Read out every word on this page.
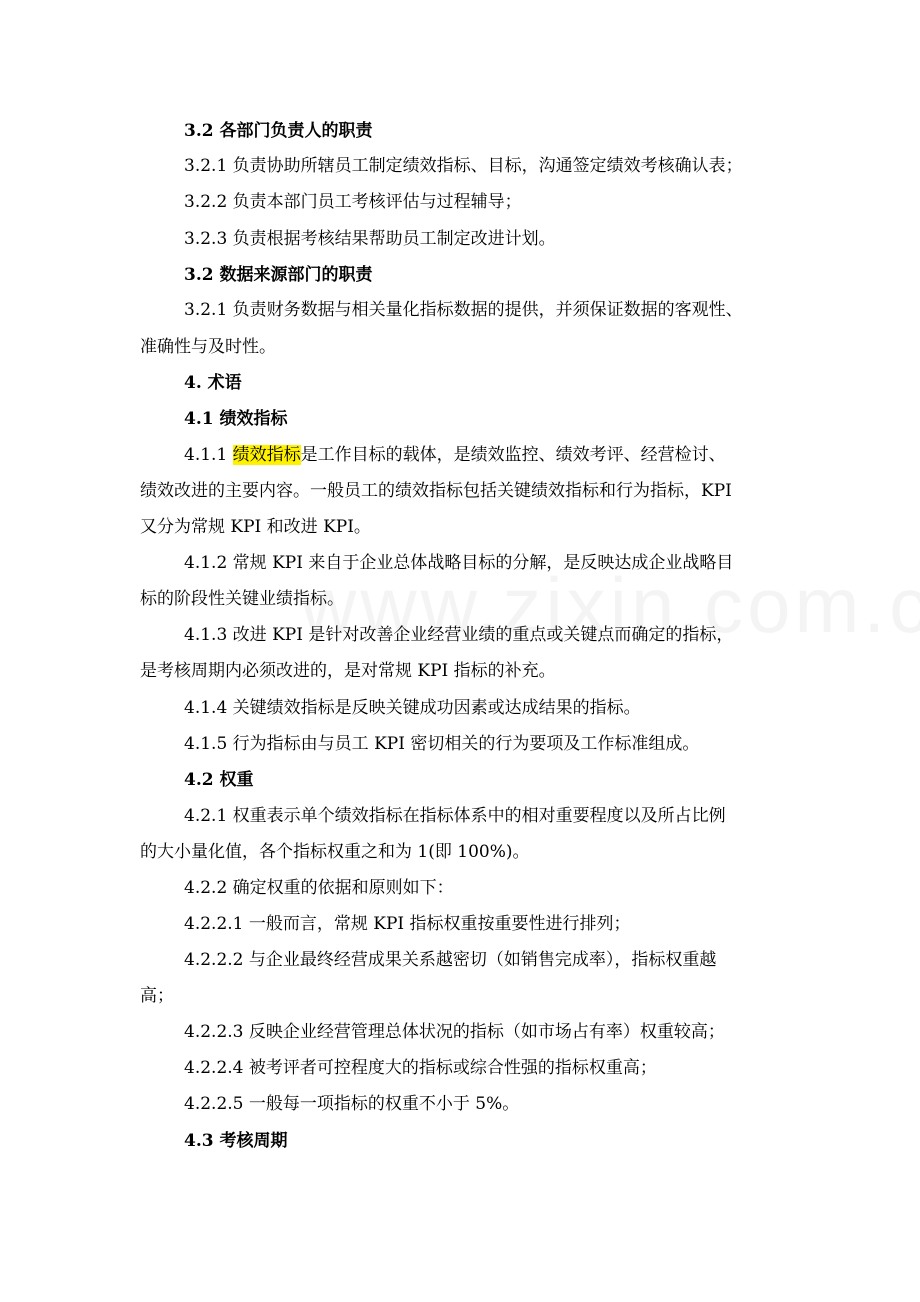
3.2 各部门负责人的职责
3.2.1 负责协助所辖员工制定绩效指标、目标，沟通签定绩效考核确认表；
3.2.2 负责本部门员工考核评估与过程辅导；
3.2.3 负责根据考核结果帮助员工制定改进计划。
3.2 数据来源部门的职责
3.2.1 负责财务数据与相关量化指标数据的提供，并须保证数据的客观性、
准确性与及时性。
4. 术语
4.1 绩效指标
4.1.1 绩效指标是工作目标的载体，是绩效监控、绩效考评、经营检讨、
绩效改进的主要内容。一般员工的绩效指标包括关键绩效指标和行为指标，KPI
又分为常规 KPI 和改进 KPI。
4.1.2 常规 KPI 来自于企业总体战略目标的分解，是反映达成企业战略目
标的阶段性关键业绩指标。
4.1.3 改进 KPI 是针对改善企业经营业绩的重点或关键点而确定的指标，
是考核周期内必须改进的，是对常规 KPI 指标的补充。
4.1.4 关键绩效指标是反映关键成功因素或达成结果的指标。
4.1.5 行为指标由与员工 KPI 密切相关的行为要项及工作标准组成。
4.2 权重
4.2.1 权重表示单个绩效指标在指标体系中的相对重要程度以及所占比例
的大小量化值，各个指标权重之和为 1(即 100%)。
4.2.2 确定权重的依据和原则如下：
4.2.2.1 一般而言，常规 KPI 指标权重按重要性进行排列；
4.2.2.2 与企业最终经营成果关系越密切（如销售完成率），指标权重越
高；
4.2.2.3 反映企业经营管理总体状况的指标（如市场占有率）权重较高；
4.2.2.4 被考评者可控程度大的指标或综合性强的指标权重高；
4.2.2.5 一般每一项指标的权重不小于 5%。
4.3 考核周期
